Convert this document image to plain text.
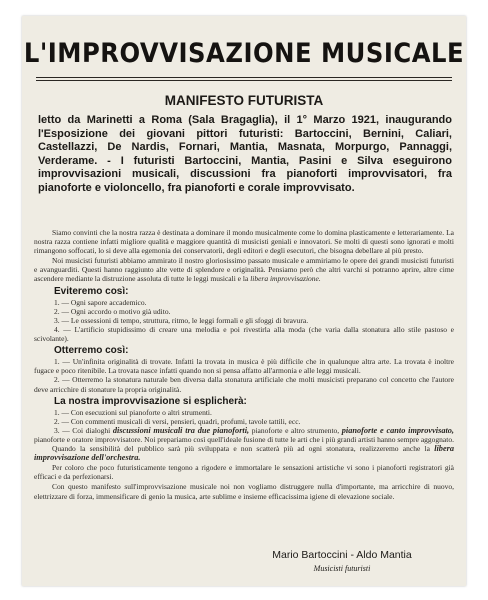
L'IMPROVVISAZIONE MUSICALE
MANIFESTO FUTURISTA

letto da Marinetti a Roma (Sala Bragaglia), il 1° Marzo 1921, inaugurando l'Esposizione dei giovani pittori futuristi: Bartoccini, Bernini, Caliari, Castellazzi, De Nardis, Fornari, Mantia, Masnata, Morpurgo, Pannaggi, Verderame. - I futuristi Bartoccini, Mantia, Pasini e Silva eseguirono improvvisazioni musicali, discussioni fra pianoforti improvvisatori, fra pianoforte e violoncello, fra pianoforti e corale improvvisato.

Siamo convinti che la nostra razza è destinata a dominare il mondo musicalmente come lo domina plasticamente e letterariamente. La nostra razza contiene infatti migliore qualità e maggiore quantità di musicisti geniali e innovatori. Se molti di questi sono ignorati e molti rimangono soffocati, lo si deve alla egemonia dei conservatorii, degli editori e degli esecutori, che bisogna debellare al più presto.

Noi musicisti futuristi abbiamo ammirato il nostro gloriosissimo passato musicale e ammiriamo le opere dei grandi musicisti futuristi e avanguarditi. Questi hanno raggiunto alte vette di splendore e originalità. Pensiamo però che altri varchi si potranno aprire, altre cime ascendere mediante la distruzione assoluta di tutte le leggi musicali e la libera improvvisazione.

Eviteremo così:
1. — Ogni sapore accademico.
2. — Ogni accordo o motivo già udito.
3. — Le ossessioni di tempo, struttura, ritmo, le leggi formali e gli sfoggi di bravura.
4. — L'artificio stupidissimo di creare una melodia e poi rivestirla alla moda (che varia dalla stonatura allo stile pastoso e scivolante).
Otterremo così:
1. — Un'infinita originalità di trovate. Infatti la trovata in musica è più difficile che in qualunque altra arte. La trovata è inoltre fugace e poco ritenibile. La trovata nasce infatti quando non si pensa affatto all'armonia e alle leggi musicali.
2. — Otterremo la stonatura naturale ben diversa dalla stonatura artificiale che molti musicisti preparano col concetto che l'autore deve arricchire di stonature la propria originalità.
La nostra improvvisazione si esplicherà:
1. — Con esecuzioni sul pianoforte o altri strumenti.
2. — Con commenti musicali di versi, pensieri, quadri, profumi, tavole tattili, ecc.
3. — Coi dialoghi discussioni musicali tra due pianoforti, pianoforte e altro strumento, pianoforte e canto improvvisato, pianoforte e oratore improvvisatore. Noi prepariamo così quell'ideale fusione di tutte le arti che i più grandi artisti hanno sempre aggognato.

Quando la sensibilità del pubblico sarà più sviluppata e non scatterà più ad ogni stonatura, realizzeremo anche la libera improvvisazione dell'orchestra.

Per coloro che poco futuristicamente tengono a rigodere e immortalare le sensazioni artistiche vi sono i pianoforti registratori già efficaci e da perfezionarsi.

Con questo manifesto sull'improvvisazione musicale noi non vogliamo distruggere nulla d'importante, ma arricchire di nuovo, elettrizzare di forza, immensificare di genio la musica, arte sublime e insieme efficacissima igiene di elevazione sociale.

Mario Bartoccini - Aldo Mantia

Musicisti futuristi
